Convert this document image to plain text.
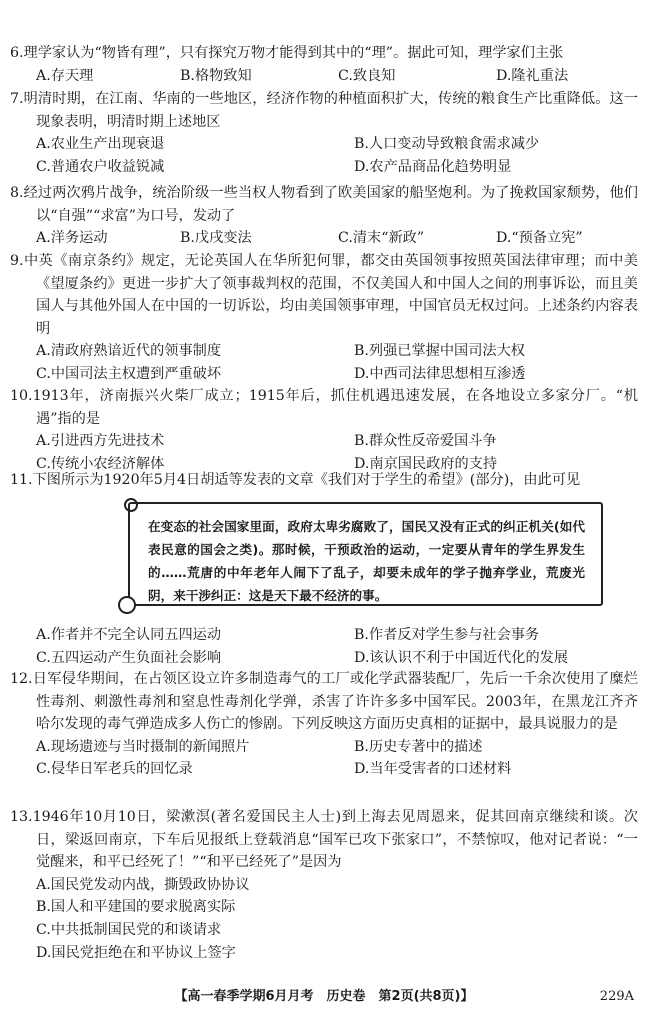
6.理学家认为“物皆有理”，只有探究万物才能得到其中的“理”。据此可知，理学家们主张

A.存天理	B.格物致知	C.致良知	D.隆礼重法

7.明清时期，在江南、华南的一些地区，经济作物的种植面积扩大，传统的粮食生产比重降低。这一现象表明，明清时期上述地区

A.农业生产出现衰退	B.人口变动导致粮食需求减少
C.普通农户收益锐减	D.农产品商品化趋势明显

8.经过两次鸦片战争，统治阶级一些当权人物看到了欧美国家的船坚炮利。为了挽救国家颓势，他们以“自强”“求富”为口号，发动了

A.洋务运动	B.戊戌变法	C.清末“新政”	D.“预备立宪”

9.中英《南京条约》规定，无论英国人在华所犯何罪，都交由英国领事按照英国法律审理；而中美《望厦条约》更进一步扩大了领事裁判权的范围，不仅美国人和中国人之间的刑事诉讼，而且美国人与其他外国人在中国的一切诉讼，均由美国领事审理，中国官员无权过问。上述条约内容表明

A.清政府熟谙近代的领事制度	B.列强已掌握中国司法大权
C.中国司法主权遭到严重破坏	D.中西司法律思想相互渗透

10.1913年，济南振兴火柴厂成立；1915年后，抓住机遇迅速发展，在各地设立多家分厂。“机遇”指的是

A.引进西方先进技术	B.群众性反帝爱国斗争
C.传统小农经济解体	D.南京国民政府的支持

11.下图所示为1920年5月4日胡适等发表的文章《我们对于学生的希望》(部分)，由此可见

在变态的社会国家里面，政府太卑劣腐败了，国民又没有正式的纠正机关(如代表民意的国会之类)。那时候，干预政治的运动，一定要从青年的学生界发生的……荒唐的中年老年人闹下了乱子，却要未成年的学子抛弃学业，荒废光阴，来干涉纠正：这是天下最不经济的事。
A.作者并不完全认同五四运动	B.作者反对学生参与社会事务
C.五四运动产生负面社会影响	D.该认识不利于中国近代化的发展

12.日军侵华期间，在占领区设立许多制造毒气的工厂或化学武器装配厂，先后一千余次使用了糜烂性毒剂、刺激性毒剂和窒息性毒剂化学弹，杀害了许许多多中国军民。2003年，在黑龙江齐齐哈尔发现的毒气弹造成多人伤亡的惨剧。下列反映这方面历史真相的证据中，最具说服力的是

A.现场遗迹与当时摄制的新闻照片	B.历史专著中的描述
C.侵华日军老兵的回忆录	D.当年受害者的口述材料

13.1946年10月10日，梁漱溟(著名爱国民主人士)到上海去见周恩来，促其回南京继续和谈。次日，梁返回南京，下车后见报纸上登载消息“国军已攻下张家口”，不禁惊叹，他对记者说：“一觉醒来，和平已经死了！”“和平已经死了”是因为

A.国民党发动内战，撕毁政协协议
B.国人和平建国的要求脱离实际
C.中共抵制国民党的和谈请求
D.国民党拒绝在和平协议上签字
【高一春季学期6月月考　历史卷　第2页(共8页)】	229A
